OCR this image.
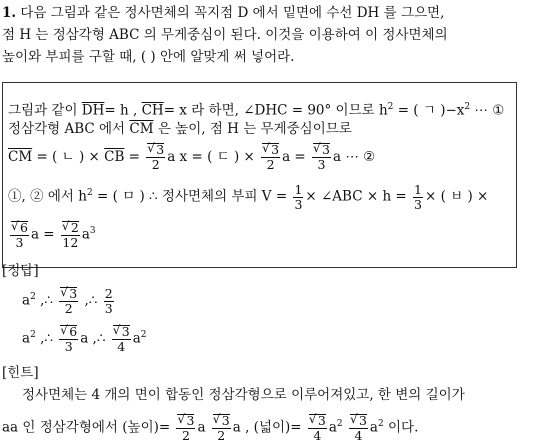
1. 다음 그림과 같은 정사면체의 꼭지점 D 에서 밑면에 수선 DH 를 그으면,
점 H 는 정삼각형 ABC 의 무게중심이 된다. 이것을 이용하여 이 정사면체의
높이와 부피를 구할 때, ( ) 안에 알맞게 써 넣어라.
그림과 같이 $\overline{DH}= h$ , $\overline{CH}= x$ 라 하면, ∠DHC = 90° 이므로 $h^2$ = ( ㄱ )$-x^2$ ⋯ ①
정삼각형 ABC 에서 $\overline{CM}$ 은 높이, 점 H 는 무게중심이므로
$\overline{CM}$ = ( ㄴ ) × $\overline{CB}$ = √ $\frac{3}{2}$ a x = ( ㄷ ) × √ $\frac{3}{2}$ a = √ $\frac{3}{3}$ a ⋯ ②
①, ② 에서 $h^2$ = ( ㅁ ) ∴ 정사면체의 부피 $V = \frac{1}{3}$ × ∠ABC × $h = \frac{1}{3}$ × ( ㅂ ) ×
√ $\frac{6}{3}$ a = √ $\frac{2}{12} a^3$
[정답]
$a^2$ ,∴ √ $\frac{3}{2}$ ,∴ $\frac{2}{3}$
$a^2$ ,∴ √ $\frac{6}{3}$ a ,∴ √ $\frac{3}{4} a^2$
[힌트]
정사면체는 4 개의 면이 합동인 정삼각형으로 이루어져있고, 한 변의 길이가
aa 인 정삼각형에서 (높이)= √ $\frac{3}{2}$ a √ $\frac{3}{2}$ a , (넓이)= √ $\frac{3}{4} a^2$ √ $\frac{3}{4} a^2$ 이다.
